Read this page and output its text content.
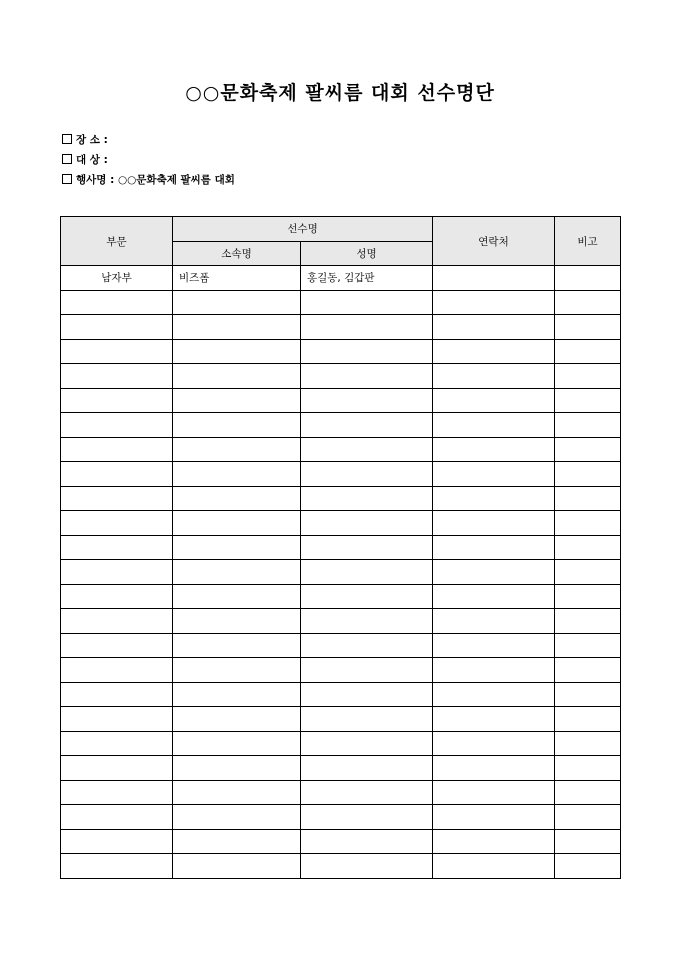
○○문화축제 팔씨름 대회 선수명단
장 소 :
대 상 :
행사명 : ○○문화축제 팔씨름 대회
부문	선수명		연락처	비고
	소속명	성명		
남자부	비즈폼	홍길동, 김갑판		
